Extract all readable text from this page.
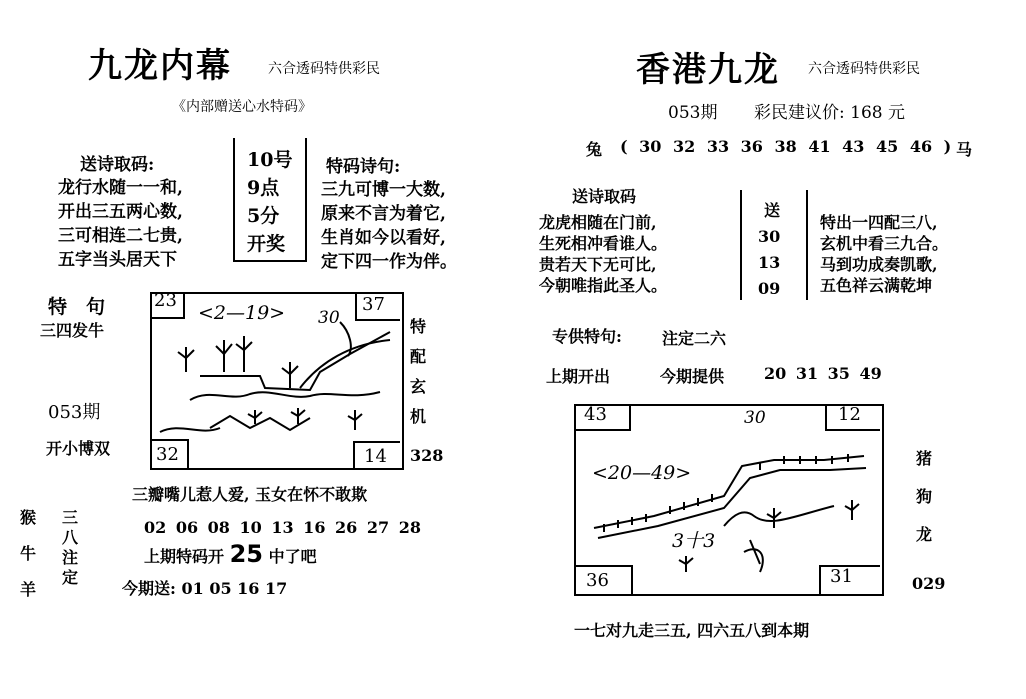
九龙内幕	六合透码特供彩民
《内部赠送心水特码》
送诗取码:
龙行水随一一和,
开出三五两心数,
三可相连二七贵,
五字当头居天下
10号
9点
5分
开奖
特码诗句:
三九可博一大数,
原来不言为着它,
生肖如今以看好,
定下四一作为伴。
特　句
三四发牛
053期
开小博双
23	37
32	14
<2—19> 30	特
配
玄
机
328
三瓣嘴儿惹人爱, 玉女在怀不敢欺
猴
牛
羊
三
八
注
定
02 06 08 10 13 16 26 27 28
上期特码开 25 中了吧
今期送: 01 05 16 17
香港九龙 六合透码特供彩民
053期 彩民建议价: 168 元
兔 ( 30 32 33 36 38 41 43 45 46 ) 马
送诗取码
龙虎相随在门前,
生死相冲看谁人。
贵若天下无可比,
今朝唯指此圣人。
送
30
13
09
特出一四配三八,
玄机中看三九合。
马到功成奏凯歌,
五色祥云满乾坤
专供特句:	注定二六
上期开出	今期提供 20 31 35 49
43	12
36	31
<20—49>
30
3十3
猪
狗
龙
029
一七对九走三五, 四六五八到本期
